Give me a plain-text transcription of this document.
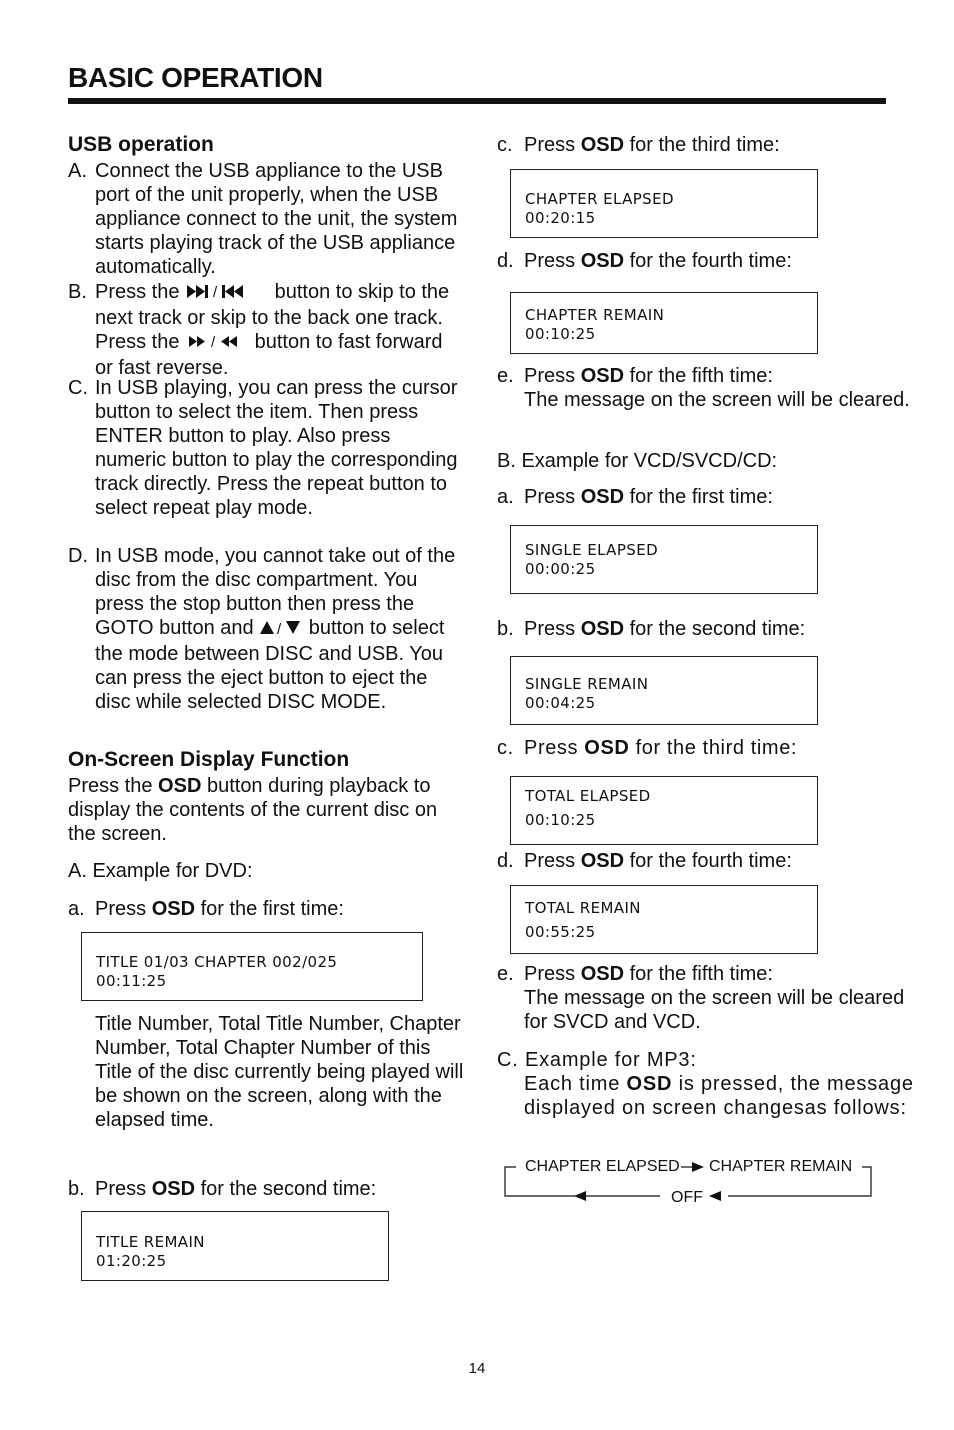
BASIC OPERATION
USB operation
A. Connect the USB appliance to the USB port of the unit properly, when the USB appliance connect to the unit, the system starts playing track of the USB appliance automatically.
B. Press the /	button to skip to the next track or skip to the back one track. Press the / button to fast forward or fast reverse.
C. In USB playing, you can press the cursor button to select the item. Then press ENTER button to play. Also press numeric button to play the corresponding track directly. Press the repeat button to select repeat play mode.
D. In USB mode, you cannot take out of the disc from the disc compartment. You press the stop button then press the GOTO button and / button to select the mode between DISC and USB. You can press the eject button to eject the disc while selected DISC MODE.
On-Screen Display Function
Press the OSD button during playback to display the contents of the current disc on the screen.
A. Example for DVD:
a. Press OSD for the first time:
TITLE 01/03 CHAPTER 002/025
00:11:25
Title Number, Total Title Number, Chapter Number, Total Chapter Number of this Title of the disc currently being played will be shown on the screen, along with the elapsed time.
b. Press OSD for the second time:
TITLE REMAIN
01:20:25
c. Press OSD for the third time:
CHAPTER ELAPSED
00:20:15
d. Press OSD for the fourth time:
CHAPTER REMAIN
00:10:25
e. Press OSD for the fifth time:
The message on the screen will be cleared.
B. Example for VCD/SVCD/CD:
a. Press OSD for the first time:
SINGLE ELAPSED
00:00:25
b. Press OSD for the second time:
SINGLE REMAIN
00:04:25
c. Press OSD for the third time:
TOTAL ELAPSED
00:10:25
d. Press OSD for the fourth time:
TOTAL REMAIN
00:55:25
e. Press OSD for the fifth time:
The message on the screen will be cleared for SVCD and VCD.
C. Example for MP3:

Each time OSD is pressed, the message displayed on screen changesas follows:
CHAPTER ELAPSED CHAPTER REMAIN
OFF
14
